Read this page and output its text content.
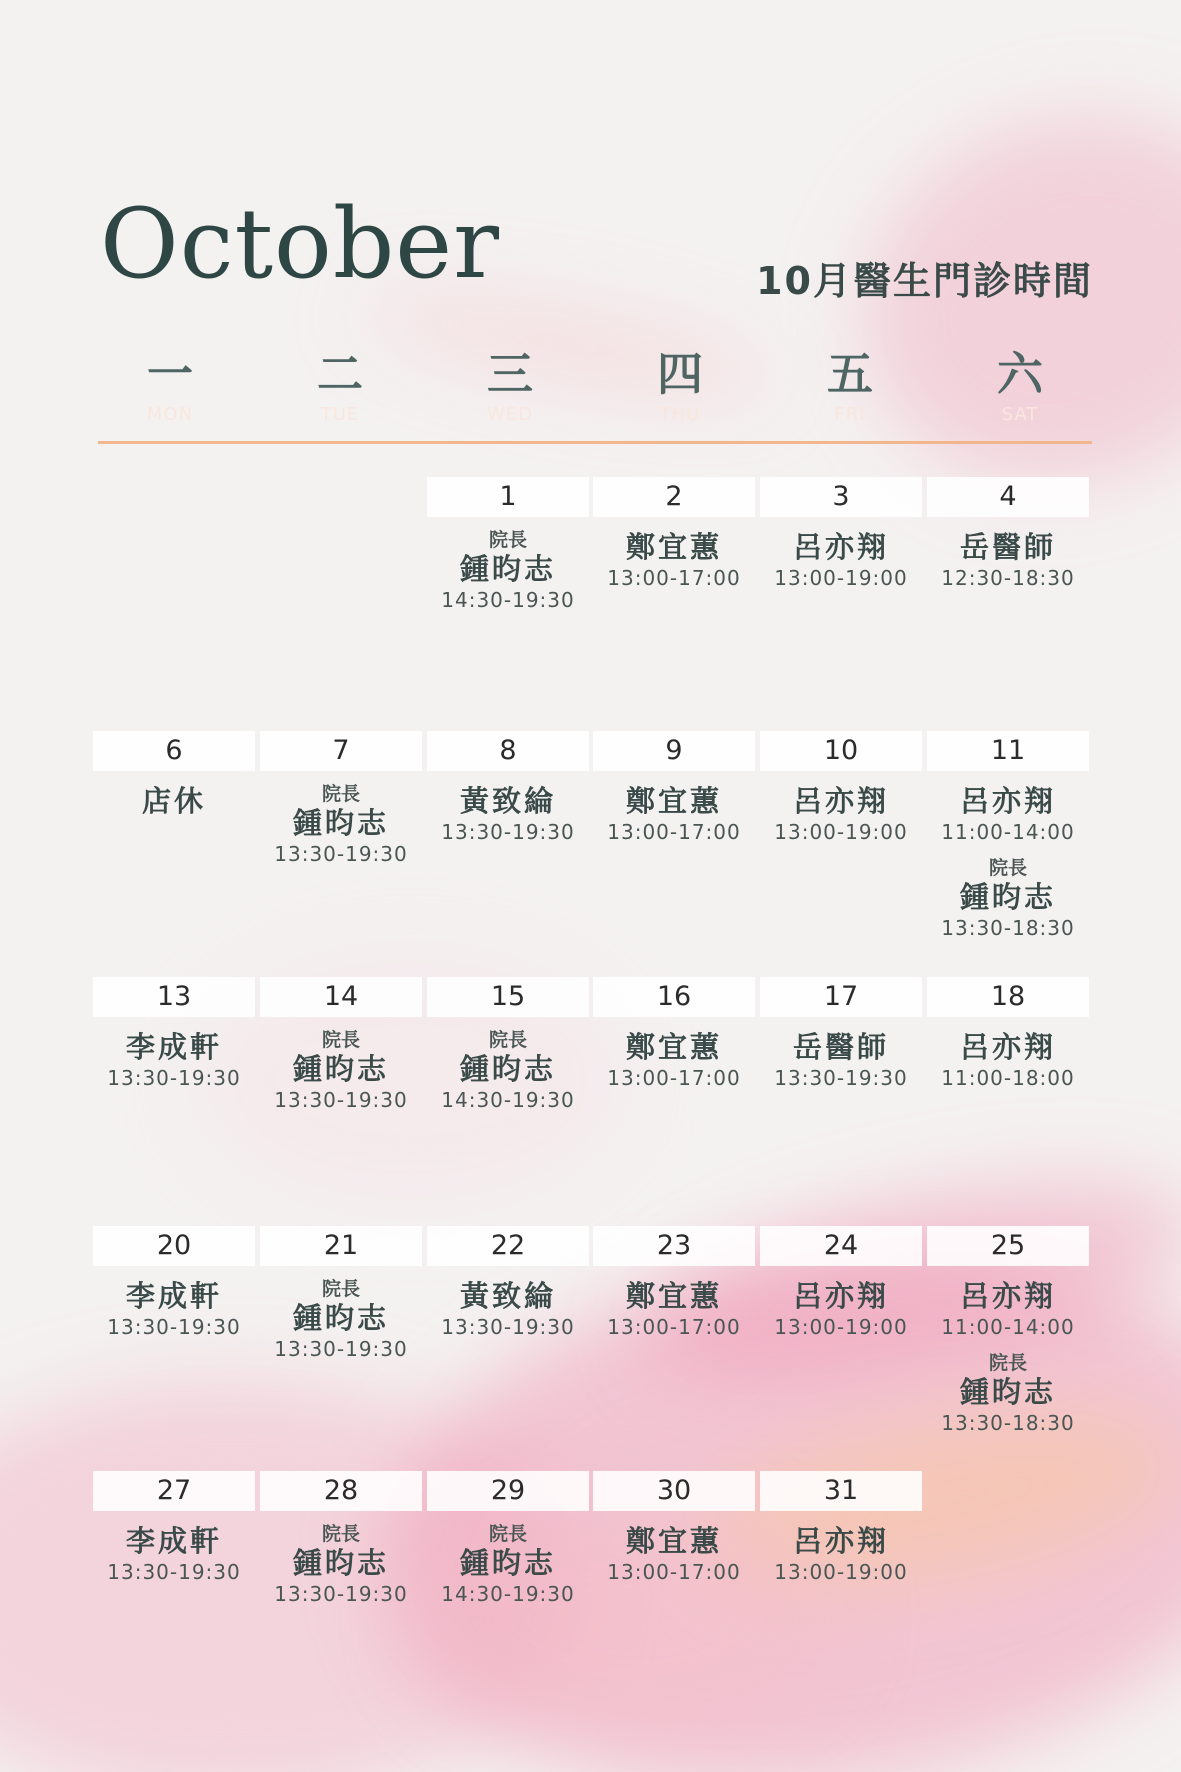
October	10月醫生門診時間
一
MON
二
TUE
三
WED
四
THU
五
FRI
六
SAT
1
院長
鍾昀志
14:30-19:30
2
鄭宜蕙
13:00-17:00
3
呂亦翔
13:00-19:00
4
岳醫師
12:30-18:30
6
店休
7
院長
鍾昀志
13:30-19:30
8
黃致綸
13:30-19:30
9
鄭宜蕙
13:00-17:00
10
呂亦翔
13:00-19:00
11
呂亦翔
11:00-14:00
院長
鍾昀志
13:30-18:30
13
李成軒
13:30-19:30
14
院長
鍾昀志
13:30-19:30
15
院長
鍾昀志
14:30-19:30
16
鄭宜蕙
13:00-17:00
17
岳醫師
13:30-19:30
18
呂亦翔
11:00-18:00
20
李成軒
13:30-19:30
21
院長
鍾昀志
13:30-19:30
22
黃致綸
13:30-19:30
23
鄭宜蕙
13:00-17:00
24
呂亦翔
13:00-19:00
25
呂亦翔
11:00-14:00
院長
鍾昀志
13:30-18:30
27
李成軒
13:30-19:30
28
院長
鍾昀志
13:30-19:30
29
院長
鍾昀志
14:30-19:30
30
鄭宜蕙
13:00-17:00
31
呂亦翔
13:00-19:00
